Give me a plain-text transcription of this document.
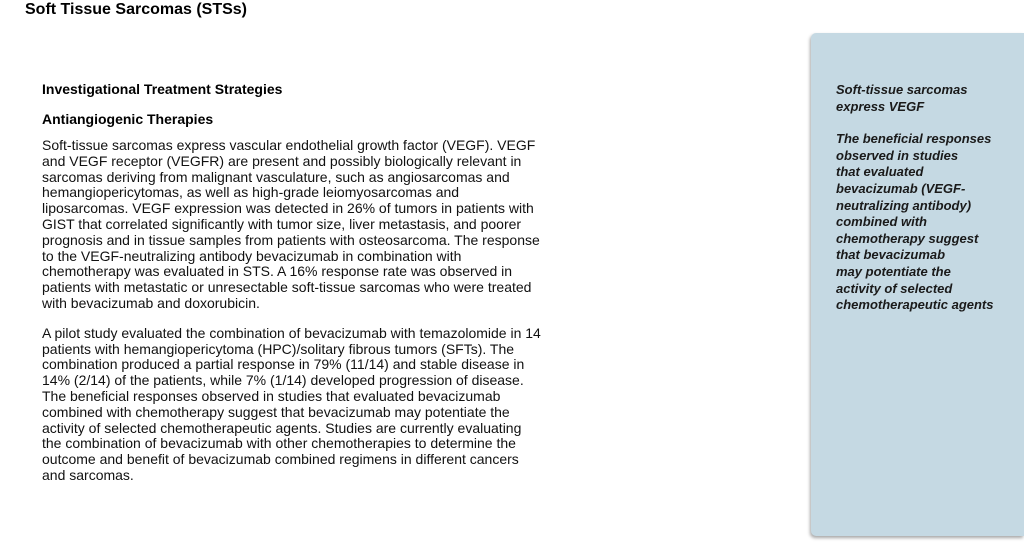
Soft Tissue Sarcomas (STSs)
Investigational Treatment Strategies
Antiangiogenic Therapies

Soft-tissue sarcomas express vascular endothelial growth factor (VEGF). VEGF and VEGF receptor (VEGFR) are present and possibly biologically relevant in sarcomas deriving from malignant vasculature, such as angiosarcomas and hemangiopericytomas, as well as high-grade leiomyosarcomas and liposarcomas. VEGF expression was detected in 26% of tumors in patients with GIST that correlated significantly with tumor size, liver metastasis, and poorer prognosis and in tissue samples from patients with osteosarcoma. The response to the VEGF-neutralizing antibody bevacizumab in combination with chemotherapy was evaluated in STS. A 16% response rate was observed in patients with metastatic or unresectable soft-tissue sarcomas who were treated with bevacizumab and doxorubicin.

A pilot study evaluated the combination of bevacizumab with temazolomide in 14 patients with hemangiopericytoma (HPC)/solitary fibrous tumors (SFTs). The combination produced a partial response in 79% (11/14) and stable disease in 14% (2/14) of the patients, while 7% (1/14) developed progression of disease. The beneficial responses observed in studies that evaluated bevacizumab combined with chemotherapy suggest that bevacizumab may potentiate the activity of selected chemotherapeutic agents. Studies are currently evaluating the combination of bevacizumab with other chemotherapies to determine the outcome and benefit of bevacizumab combined regimens in different cancers and sarcomas.

Soft-tissue sarcomas
express VEGF

The beneficial responses
observed in studies
that evaluated
bevacizumab (VEGF-
neutralizing antibody)
combined with
chemotherapy suggest
that bevacizumab
may potentiate the
activity of selected
chemotherapeutic agents
